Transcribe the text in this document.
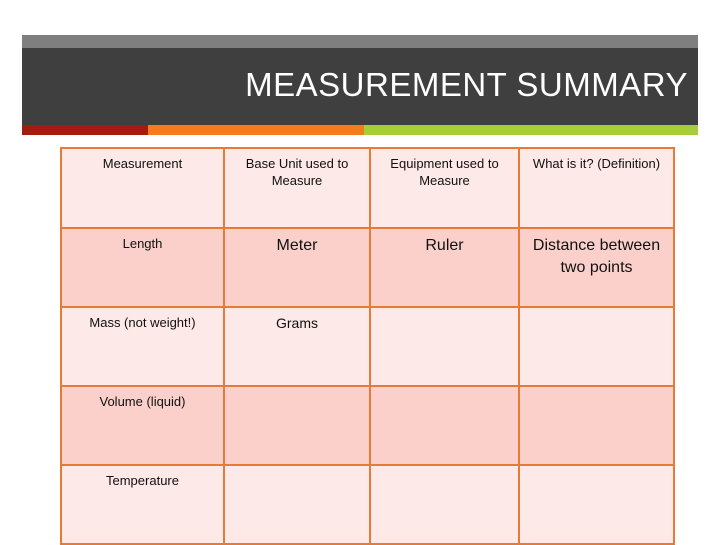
MEASUREMENT SUMMARY
Measurement	Base Unit used to Measure	Equipment used to Measure	What is it? (Definition)
Length	Meter	Ruler	Distance between two points
Mass (not weight!)	Grams		
Volume (liquid)			
Temperature			
